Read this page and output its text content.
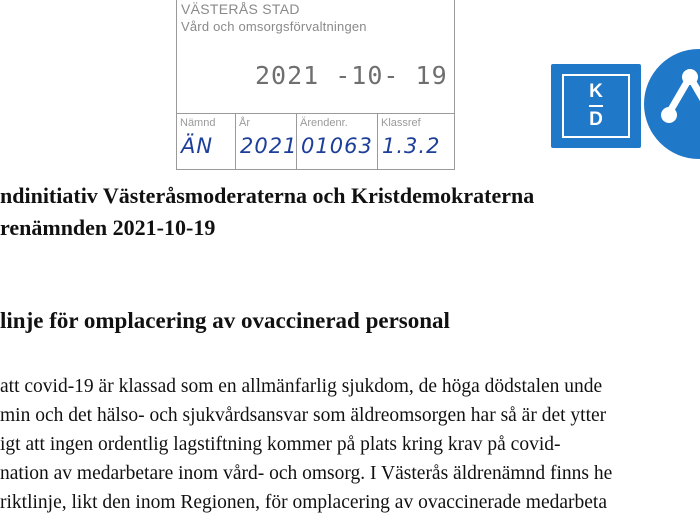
VÄSTERÅS STAD
Vård och omsorgsförvaltningen
2021 -10- 19
Nämnd
ÄN
År
2021
Ärendenr.
01063
Klassref
1.3.2
K
D
ndinitiativ Västeråsmoderaterna och Kristdemokraterna
renämnden 2021-10-19
linje för omplacering av ovaccinerad personal
att covid-19 är klassad som en allmänfarlig sjukdom, de höga dödstalen unde
min och det hälso- och sjukvårdsansvar som äldreomsorgen har så är det ytter
igt att ingen ordentlig lagstiftning kommer på plats kring krav på covid-
nation av medarbetare inom vård- och omsorg. I Västerås äldrenämnd finns he
riktlinje, likt den inom Regionen, för omplacering av ovaccinerade medarbeta
